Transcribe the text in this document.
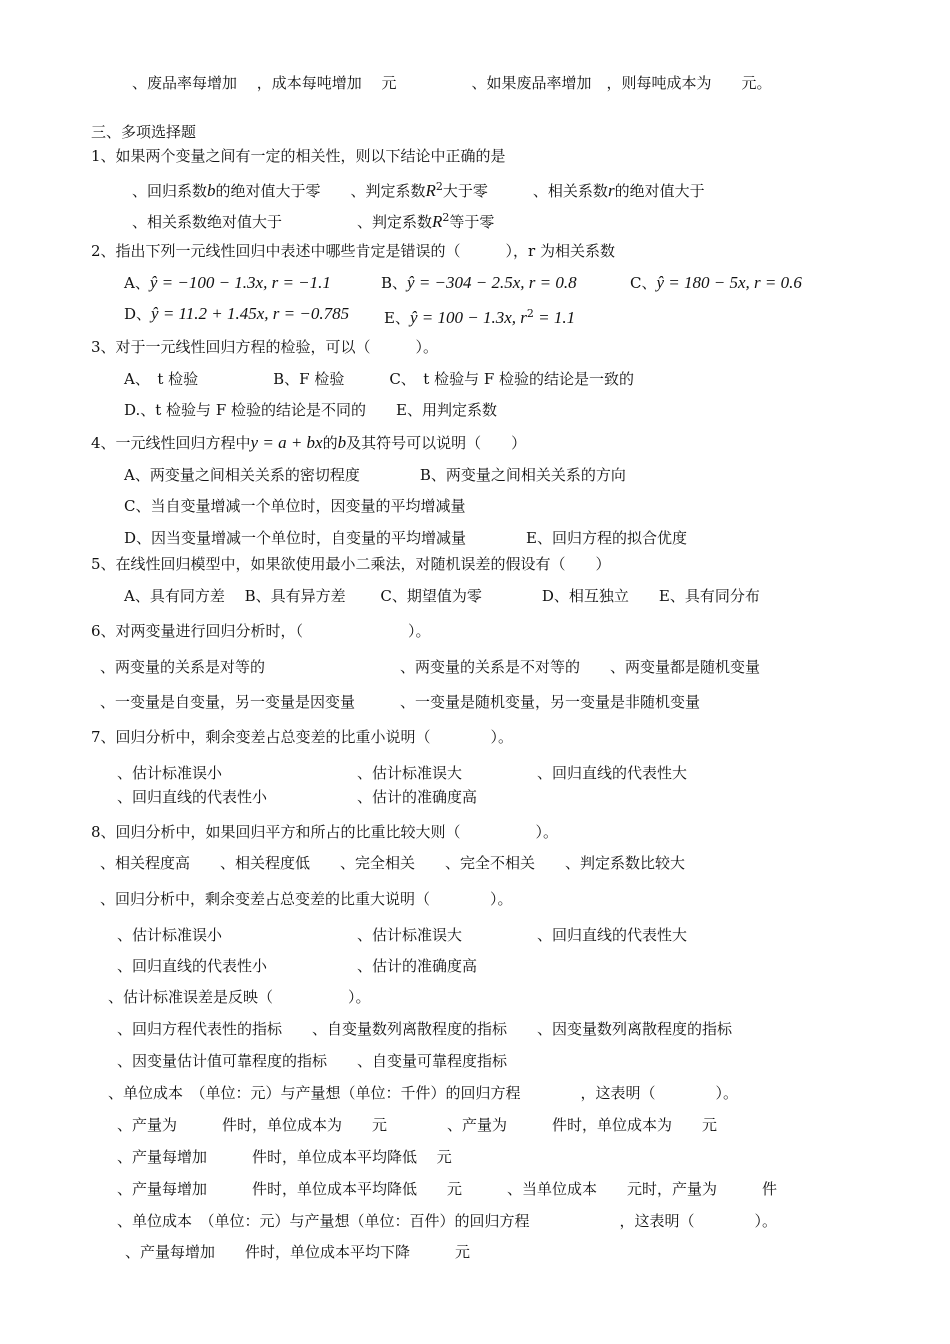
、废品率每增加　 ，成本每吨增加　 元　　　　　、如果废品率增加　，则每吨成本为　　元。
三、多项选择题
1、如果两个变量之间有一定的相关性，则以下结论中正确的是
、回归系数b的绝对值大于零　　、判定系数$R^2$大于零　　　、相关系数r的绝对值大于
、相关系数绝对值大于　　　　　、判定系数$R^2$等于零
2、指出下列一元线性回归中表述中哪些肯定是错误的（　　　），r 为相关系数
A、ŷ = −100 − 1.3x, r = −1.1	B、ŷ = −304 − 2.5x, r = 0.8	C、ŷ = 180 − 5x, r = 0.6
D、ŷ = 11.2 + 1.45x, r = −0.785 E、ŷ = 100 − 1.3x, $r^2 = 1.1$
3、对于一元线性回归方程的检验，可以（　　　）。
A、　t 检验　　　　　B、F 检验　　　C、　t 检验与 F 检验的结论是一致的
D.、t 检验与 F 检验的结论是不同的　　E、用判定系数
4、一元线性回归方程中y = a + bx的b及其符号可以说明（　　）
A、两变量之间相关关系的密切程度　　　　B、两变量之间相关关系的方向
C、当自变量增减一个单位时，因变量的平均增减量
D、因当变量增减一个单位时，自变量的平均增减量　　　　E、回归方程的拟合优度
5、在线性回归模型中，如果欲使用最小二乘法，对随机误差的假设有（　　）
A、具有同方差　 B、具有异方差　　 C、期望值为零　　　　D、相互独立　　E、具有同分布
6、对两变量进行回归分析时，（　　　　　　　）。
、两变量的关系是对等的　　　　　　　　　、两变量的关系是不对等的　　、两变量都是随机变量
、一变量是自变量，另一变量是因变量　　　、一变量是随机变量，另一变量是非随机变量
7、回归分析中，剩余变差占总变差的比重小说明（　　　　）。
、估计标准误小　　　　　　　　　、估计标准误大　　　　　、回归直线的代表性大
、回归直线的代表性小　　　　　　、估计的准确度高
8、回归分析中，如果回归平方和所占的比重比较大则（　　　　　）。
、相关程度高　　、相关程度低　　、完全相关　　、完全不相关　　、判定系数比较大
、回归分析中，剩余变差占总变差的比重大说明（　　　　）。
、估计标准误小　　　　　　　　　、估计标准误大　　　　　、回归直线的代表性大
、回归直线的代表性小　　　　　　、估计的准确度高
、估计标准误差是反映（　　　　　）。
、回归方程代表性的指标　　、自变量数列离散程度的指标　　、因变量数列离散程度的指标
、因变量估计值可靠程度的指标　　、自变量可靠程度指标
、单位成本　（单位：元）与产量想（单位：千件）的回归方程　　　　，这表明（　　　　）。
、产量为　　　件时，单位成本为　　元　　　　、产量为　　　件时，单位成本为　　元
、产量每增加　　　件时，单位成本平均降低　 元
、产量每增加　　　件时，单位成本平均降低　　元　　　、当单位成本　　元时，产量为　　　件
、单位成本　（单位：元）与产量想（单位：百件）的回归方程　　　　　　，这表明（　　　　）。
、产量每增加　　件时，单位成本平均下降　　　元
